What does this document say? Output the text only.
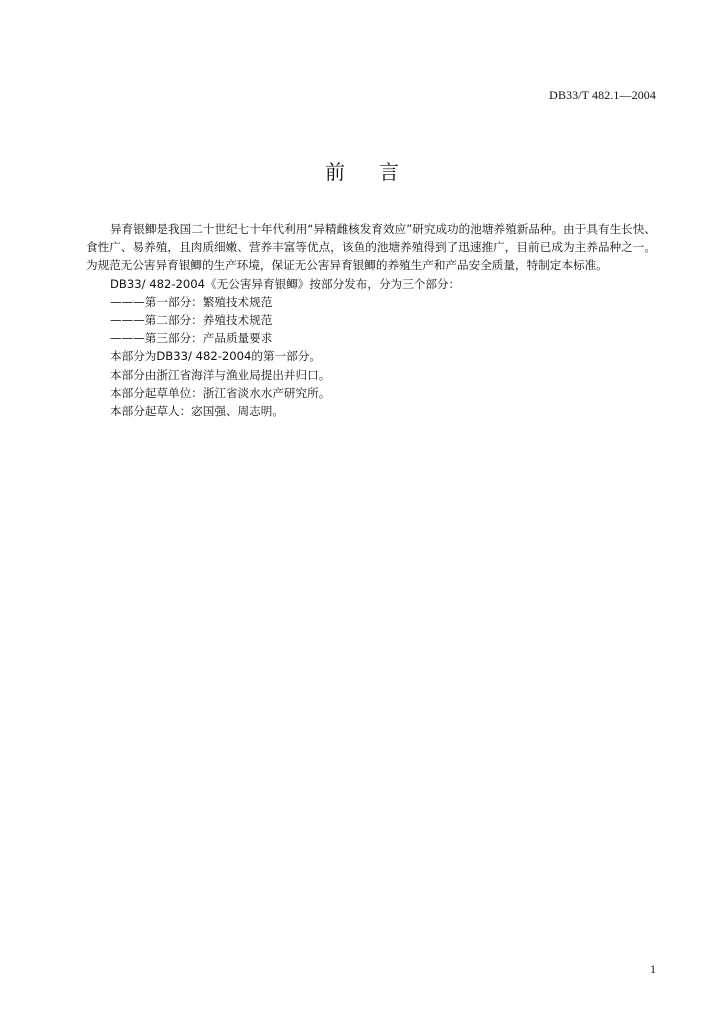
DB33/T 482.1—2004
前言

异育银鲫是我国二十世纪七十年代利用“异精雌核发育效应”研究成功的池塘养殖新品种。由于具有生长快、食性广、易养殖，且肉质细嫩、营养丰富等优点，该鱼的池塘养殖得到了迅速推广，目前已成为主养品种之一。为规范无公害异育银鲫的生产环境，保证无公害异育银鲫的养殖生产和产品安全质量，特制定本标准。

DB33/ 482-2004《无公害异育银鲫》按部分发布，分为三个部分：

———第一部分：繁殖技术规范

———第二部分：养殖技术规范

———第三部分：产品质量要求

本部分为DB33/ 482-2004的第一部分。

本部分由浙江省海洋与渔业局提出并归口。

本部分起草单位：浙江省淡水水产研究所。

本部分起草人：宓国强、周志明。

1
